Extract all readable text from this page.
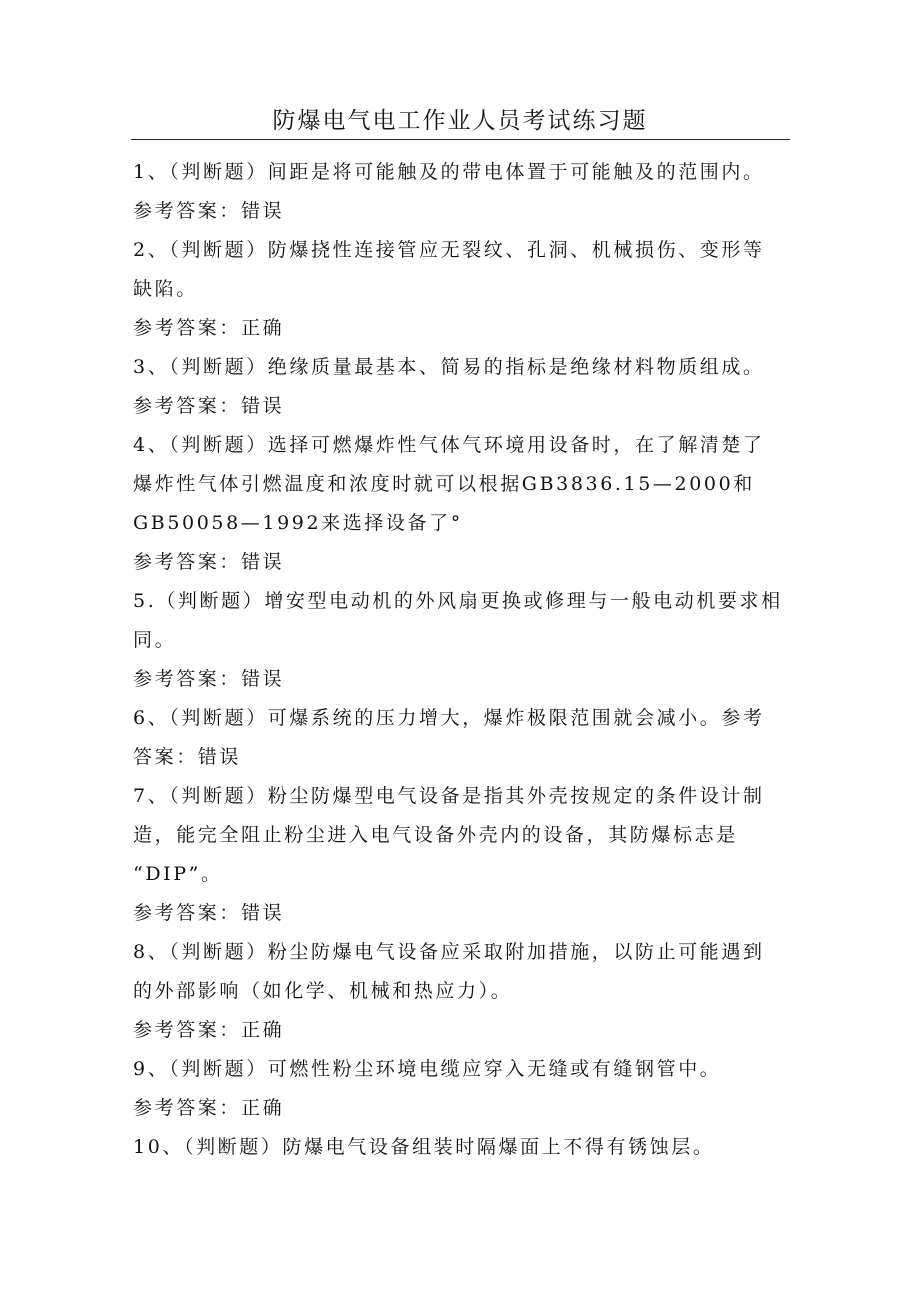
防爆电气电工作业人员考试练习题

1、（判断题）间距是将可能触及的带电体置于可能触及的范围内。

参考答案：错误

2、（判断题）防爆挠性连接管应无裂纹、孔洞、机械损伤、变形等

缺陷。

参考答案：正确

3、（判断题）绝缘质量最基本、简易的指标是绝缘材料物质组成。

参考答案：错误

4、（判断题）选择可燃爆炸性气体气环境用设备时，在了解清楚了

爆炸性气体引燃温度和浓度时就可以根据GB3836.15—2000和

GB50058—1992来选择设备了°

参考答案：错误

5.（判断题）增安型电动机的外风扇更换或修理与一般电动机要求相

同。

参考答案：错误

6、（判断题）可爆系统的压力增大，爆炸极限范围就会减小。参考

答案：错误

7、（判断题）粉尘防爆型电气设备是指其外壳按规定的条件设计制

造，能完全阻止粉尘进入电气设备外壳内的设备，其防爆标志是

“DIP”。

参考答案：错误

8、（判断题）粉尘防爆电气设备应采取附加措施，以防止可能遇到

的外部影响（如化学、机械和热应力）。

参考答案：正确

9、（判断题）可燃性粉尘环境电缆应穿入无缝或有缝钢管中。

参考答案：正确

10、（判断题）防爆电气设备组装时隔爆面上不得有锈蚀层。
